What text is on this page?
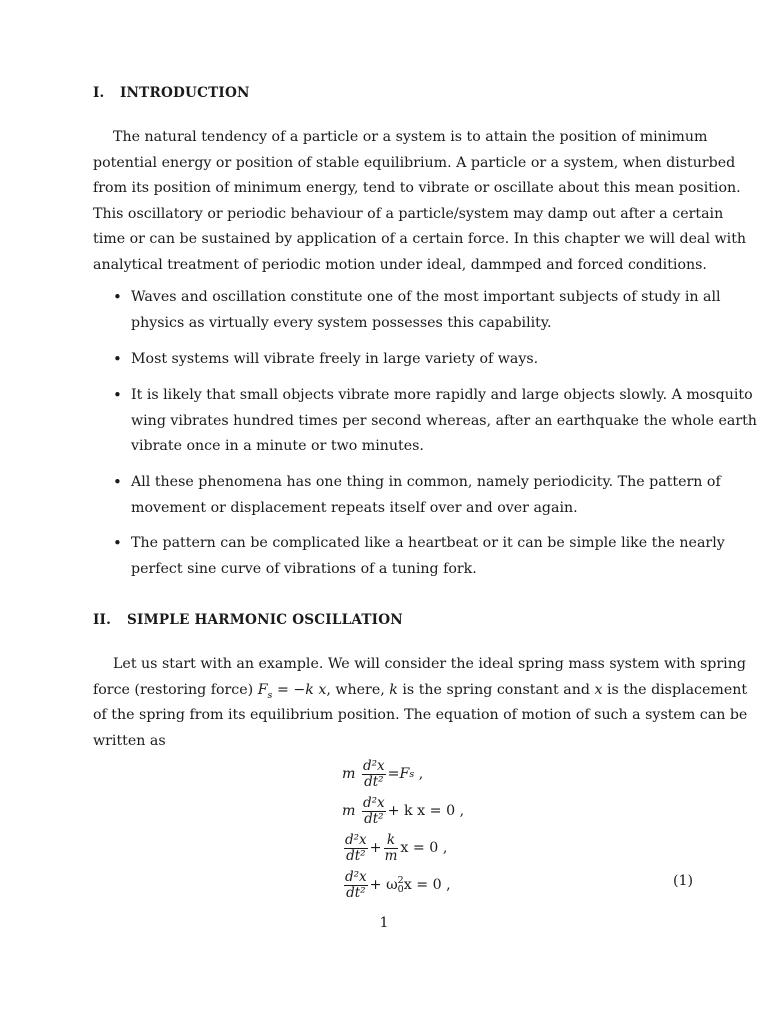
I. INTRODUCTION
The natural tendency of a particle or a system is to attain the position of minimum
potential energy or position of stable equilibrium. A particle or a system, when disturbed
from its position of minimum energy, tend to vibrate or oscillate about this mean position.
This oscillatory or periodic behaviour of a particle/system may damp out after a certain
time or can be sustained by application of a certain force. In this chapter we will deal with
analytical treatment of periodic motion under ideal, dammped and forced conditions.
• Waves and oscillation constitute one of the most important subjects of study in all
physics as virtually every system possesses this capability.
• Most systems will vibrate freely in large variety of ways.
• It is likely that small objects vibrate more rapidly and large objects slowly. A mosquito
wing vibrates hundred times per second whereas, after an earthquake the whole earth
vibrate once in a minute or two minutes.
• All these phenomena has one thing in common, namely periodicity. The pattern of
movement or displacement repeats itself over and over again.
• The pattern can be complicated like a heartbeat or it can be simple like the nearly
perfect sine curve of vibrations of a tuning fork.
II. SIMPLE HARMONIC OSCILLATION
Let us start with an example. We will consider the ideal spring mass system with spring
force (restoring force) $F_s = -k$ x, where, k is the spring constant and x is the displacement
of the spring from its equilibrium position. The equation of motion of such a system can be
written as
m
$\frac{\text{d²x}}{\text{dt²}} = F$ s ,
m
$\frac{\text{d²x}}{\text{dt²}} + k$ x = 0 ,
$\frac{\text{d²x}}{\text{dt²}} + \frac{k}{m}$ x = 0 ,
$\frac{\text{d²x}}{\text{dt²}} + \omega$ 2
0 x = 0 ,	(1)
1
